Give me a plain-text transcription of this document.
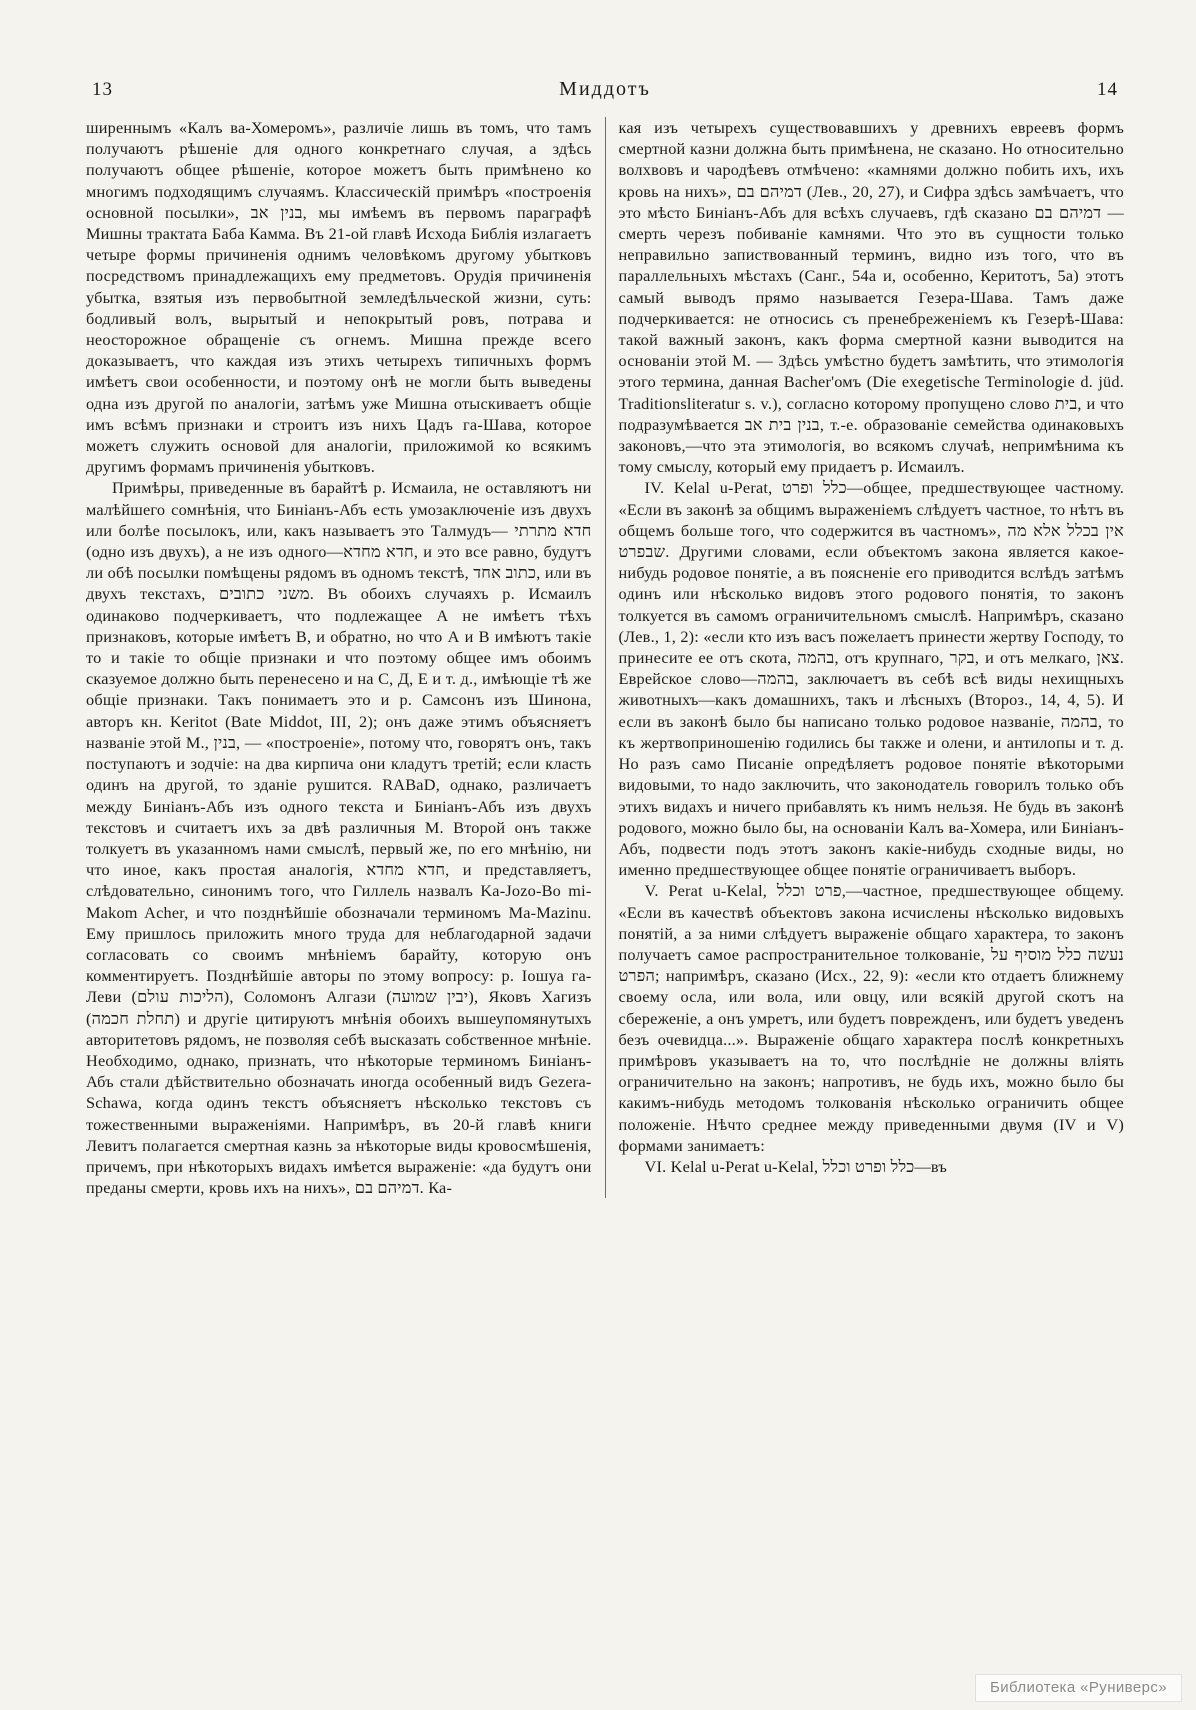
13	Миддотъ	14

ширеннымъ «Калъ ва-Хомеромъ», различіе лишь въ томъ, что тамъ получаютъ рѣшеніе для одного конкретнаго случая, а здѣсь получаютъ общее рѣшеніе, которое можетъ быть примѣнено ко многимъ подходящимъ случаямъ. Классическій примѣръ «построенія основной посылки», בנין אב, мы имѣемъ въ первомъ параграфѣ Мишны трактата Баба Камма. Въ 21-ой главѣ Исхода Библія излагаетъ четыре формы причиненія однимъ человѣкомъ другому убытковъ посредствомъ принадлежащихъ ему предметовъ. Орудія причиненія убытка, взятыя изъ первобытной земледѣльческой жизни, суть: бодливый волъ, вырытый и непокрытый ровъ, потрава и неосторожное обращеніе съ огнемъ. Мишна прежде всего доказываетъ, что каждая изъ этихъ четырехъ типичныхъ формъ имѣетъ свои особенности, и поэтому онѣ не могли быть выведены одна изъ другой по аналогіи, затѣмъ уже Мишна отыскиваетъ общіе имъ всѣмъ признаки и строитъ изъ нихъ Цадъ га-Шава, которое можетъ служить основой для аналогіи, приложимой ко всякимъ другимъ формамъ причиненія убытковъ.

Примѣры, приведенные въ барайтѣ р. Исмаила, не оставляютъ ни малѣйшего сомнѣнія, что Биніанъ-Абъ есть умозаключеніе изъ двухъ или болѣе посылокъ, или, какъ называетъ это Талмудъ— חדא מתרתי (одно изъ двухъ), а не изъ одного—חדא מחדא, и это все равно, будутъ ли обѣ посылки помѣщены рядомъ въ одномъ текстѣ, כתוב אחד, или въ двухъ текстахъ, משני כתובים. Въ обоихъ случаяхъ р. Исмаилъ одинаково подчеркиваетъ, что подлежащее А не имѣетъ тѣхъ признаковъ, которые имѣетъ В, и обратно, но что А и В имѣютъ такіе то и такіе то общіе признаки и что поэтому общее имъ обоимъ сказуемое должно быть перенесено и на С, Д, Е и т. д., имѣющіе тѣ же общіе признаки. Такъ понимаетъ это и р. Самсонъ изъ Шинона, авторъ кн. Keritot (Bate Middot, III, 2); онъ даже этимъ объясняетъ названіе этой М., בנין, — «построеніе», потому что, говорятъ онъ, такъ поступаютъ и зодчіе: на два кирпича они кладутъ третій; если класть одинъ на другой, то зданіе рушится. RАВаD, однако, различаетъ между Биніанъ-Абъ изъ одного текста и Биніанъ-Абъ изъ двухъ текстовъ и считаетъ ихъ за двѣ различныя М. Второй онъ также толкуетъ въ указанномъ нами смыслѣ, первый же, по его мнѣнію, ни что иное, какъ простая аналогія, חדא מחדא, и представляетъ, слѣдовательно, синонимъ того, что Гиллель назвалъ Ka-Jozo-Bo mi-Makom Acher, и что позднѣйшіе обозначали терминомъ Ma-Mazinu. Ему пришлось приложить много труда для неблагодарной задачи согласовать со своимъ мнѣніемъ барайту, которую онъ комментируетъ. Позднѣйшіе авторы по этому вопросу: р. Іошуа га-Леви (הליכות עולם), Соломонъ Алгази (יבין שמועה), Яковъ Хагизъ (תחלת חכמה) и другіе цитируютъ мнѣнія обоихъ вышеупомянутыхъ авторитетовъ рядомъ, не позволяя себѣ высказать собственное мнѣніе. Необходимо, однако, признать, что нѣкоторые терминомъ Биніанъ-Абъ стали дѣйствительно обозначать иногда особенный видъ Gezera-Schawa, когда одинъ текстъ объясняетъ нѣсколько текстовъ съ тожественными выраженіями. Напримѣръ, въ 20-й главѣ книги Левитъ полагается смертная казнь за нѣкоторые виды кровосмѣшенія, причемъ, при нѣкоторыхъ видахъ имѣется выраженіе: «да будутъ они преданы смерти, кровь ихъ на нихъ», דמיהם בם. Ка-

кая изъ четырехъ существовавшихъ у древнихъ евреевъ формъ смертной казни должна быть примѣнена, не сказано. Но относительно волхвовъ и чародѣевъ отмѣчено: «камнями должно побить ихъ, ихъ кровь на нихъ», דמיהם בם (Лев., 20, 27), и Сифра здѣсь замѣчаетъ, что это мѣсто Биніанъ-Абъ для всѣхъ случаевъ, гдѣ сказано דמיהם בם — смерть черезъ побиваніе камнями. Что это въ сущности только неправильно запиствованный терминъ, видно изъ того, что въ параллельныхъ мѣстахъ (Санг., 54а и, особенно, Керитотъ, 5а) этотъ самый выводъ прямо называется Гезера-Шава. Тамъ даже подчеркивается: не относись съ пренебреженіемъ къ Гезерѣ-Шава: такой важный законъ, какъ форма смертной казни выводится на основаніи этой М. — Здѣсь умѣстно будетъ замѣтить, что этимологія этого термина, данная Bacher'омъ (Die exegetische Terminologie d. jüd. Traditionsliteratur s. v.), согласно которому пропущено слово בית, и что подразумѣвается בנין בית אב, т.-е. образованіе семейства одинаковыхъ законовъ,—что эта этимологія, во всякомъ случаѣ, непримѣнима къ тому смыслу, который ему придаетъ р. Исмаилъ.

IV. Kelal u-Perat, כלל ופרט—общее, предшествующее частному. «Если въ законѣ за общимъ выраженіемъ слѣдуетъ частное, то нѣтъ въ общемъ больше того, что содержится въ частномъ», אין בכלל אלא מה שבפרט. Другими словами, если объектомъ закона является какое-нибудь родовое понятіе, а въ поясненіе его приводится вслѣдъ затѣмъ одинъ или нѣсколько видовъ этого родового понятія, то законъ толкуется въ самомъ ограничительномъ смыслѣ. Напримѣръ, сказано (Лев., 1, 2): «если кто изъ васъ пожелаетъ принести жертву Господу, то принесите ее отъ скота, בהמה, отъ крупнаго, בקר, и отъ мелкаго, צאן. Еврейское слово—בהמה, заключаетъ въ себѣ всѣ виды нехищныхъ животныхъ—какъ домашнихъ, такъ и лѣсныхъ (Второз., 14, 4, 5). И если въ законѣ было бы написано только родовое названіе, בהמה, то къ жертвоприношенію годились бы также и олени, и антилопы и т. д. Но разъ само Писаніе опредѣляетъ родовое понятіе вѣкоторыми видовыми, то надо заключить, что законодатель говорилъ только объ этихъ видахъ и ничего прибавлять къ нимъ нельзя. Не будь въ законѣ родового, можно было бы, на основаніи Калъ ва-Хомера, или Биніанъ-Абъ, подвести подъ этотъ законъ какіе-нибудь сходные виды, но именно предшествующее общее понятіе ограничиваетъ выборъ.

V. Perat u-Kelal, פרט וכלל,—частное, предшествующее общему. «Если въ качествѣ объектовъ закона исчислены нѣсколько видовыхъ понятій, а за ними слѣдуетъ выраженіе общаго характера, то законъ получаетъ самое распространительное толкованіе, נעשה כלל מוסיף על הפרט; напримѣръ, сказано (Исх., 22, 9): «если кто отдаетъ ближнему своему осла, или вола, или овцу, или всякій другой скотъ на сбереженіе, а онъ умретъ, или будетъ поврежденъ, или будетъ уведенъ безъ очевидца...». Выраженіе общаго характера послѣ конкретныхъ примѣровъ указываетъ на то, что послѣдніе не должны вліять ограничительно на законъ; напротивъ, не будь ихъ, можно было бы какимъ-нибудь методомъ толкованія нѣсколько ограничить общее положеніе. Нѣчто среднее между приведенными двумя (IV и V) формами занимаетъ:

VI. Kelal u-Perat u-Kelal, כלל ופרט וכלל—въ

Библиотека «Руниверс»
